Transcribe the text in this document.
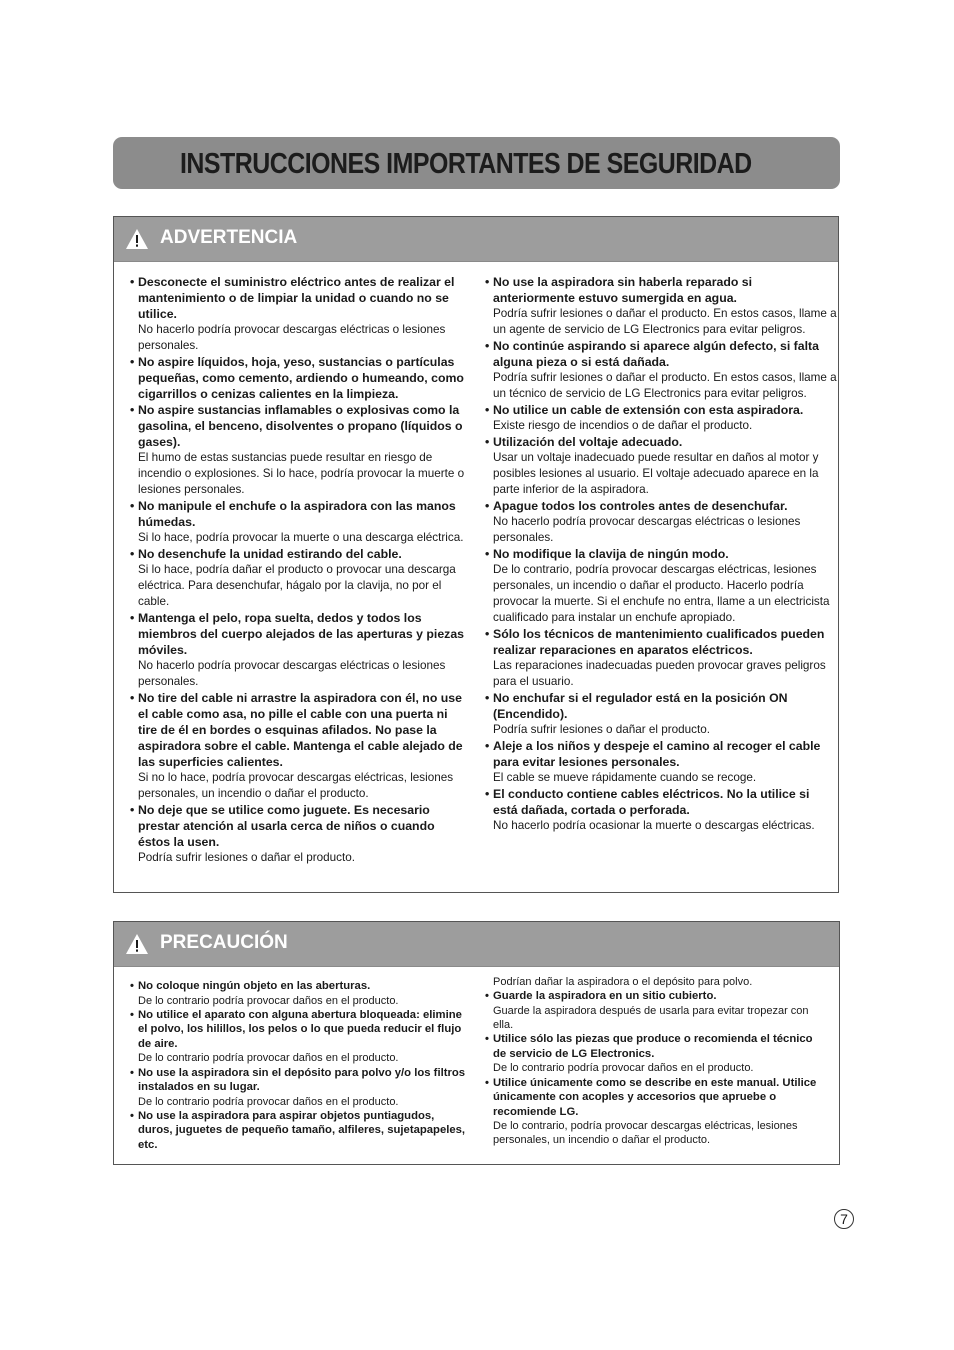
INSTRUCCIONES IMPORTANTES DE SEGURIDAD
ADVERTENCIA
• Desconecte el suministro eléctrico antes de realizar el mantenimiento o de limpiar la unidad o cuando no se utilice.
No hacerlo podría provocar descargas eléctricas o lesiones personales.
• No aspire líquidos, hoja, yeso, sustancias o partículas pequeñas, como cemento, ardiendo o humeando, como cigarrillos o cenizas calientes en la limpieza.
• No aspire sustancias inflamables o explosivas como la gasolina, el benceno, disolventes o propano (líquidos o gases).
El humo de estas sustancias puede resultar en riesgo de incendio o explosiones. Si lo hace, podría provocar la muerte o lesiones personales.
• No manipule el enchufe o la aspiradora con las manos húmedas.
Si lo hace, podría provocar la muerte o una descarga eléctrica.
• No desenchufe la unidad estirando del cable.
Si lo hace, podría dañar el producto o provocar una descarga eléctrica. Para desenchufar, hágalo por la clavija, no por el cable.
• Mantenga el pelo, ropa suelta, dedos y todos los miembros del cuerpo alejados de las aperturas y piezas móviles.
No hacerlo podría provocar descargas eléctricas o lesiones personales.
• No tire del cable ni arrastre la aspiradora con él, no use el cable como asa, no pille el cable con una puerta ni tire de él en bordes o esquinas afilados. No pase la aspiradora sobre el cable. Mantenga el cable alejado de las superficies calientes.
Si no lo hace, podría provocar descargas eléctricas, lesiones personales, un incendio o dañar el producto.
• No deje que se utilice como juguete. Es necesario prestar atención al usarla cerca de niños o cuando éstos la usen.
Podría sufrir lesiones o dañar el producto.
• No use la aspiradora sin haberla reparado si anteriormente estuvo sumergida en agua.
Podría sufrir lesiones o dañar el producto. En estos casos, llame a un agente de servicio de LG Electronics para evitar peligros.
• No continúe aspirando si aparece algún defecto, si falta alguna pieza o si está dañada.
Podría sufrir lesiones o dañar el producto. En estos casos, llame a un técnico de servicio de LG Electronics para evitar peligros.
• No utilice un cable de extensión con esta aspiradora.
Existe riesgo de incendios o de dañar el producto.
• Utilización del voltaje adecuado.
Usar un voltaje inadecuado puede resultar en daños al motor y posibles lesiones al usuario. El voltaje adecuado aparece en la parte inferior de la aspiradora.
• Apague todos los controles antes de desenchufar.
No hacerlo podría provocar descargas eléctricas o lesiones personales.
• No modifique la clavija de ningún modo.
De lo contrario, podría provocar descargas eléctricas, lesiones personales, un incendio o dañar el producto. Hacerlo podría provocar la muerte. Si el enchufe no entra, llame a un electricista cualificado para instalar un enchufe apropiado.
• Sólo los técnicos de mantenimiento cualificados pueden realizar reparaciones en aparatos eléctricos.
Las reparaciones inadecuadas pueden provocar graves peligros para el usuario.
• No enchufar si el regulador está en la posición ON (Encendido).
Podría sufrir lesiones o dañar el producto.
• Aleje a los niños y despeje el camino al recoger el cable para evitar lesiones personales.
El cable se mueve rápidamente cuando se recoge.
• El conducto contiene cables eléctricos. No la utilice si está dañada, cortada o perforada.
No hacerlo podría ocasionar la muerte o descargas eléctricas.
PRECAUCIÓN
• No coloque ningún objeto en las aberturas.
De lo contrario podría provocar daños en el producto.
• No utilice el aparato con alguna abertura bloqueada: elimine el polvo, los hilillos, los pelos o lo que pueda reducir el flujo de aire.
De lo contrario podría provocar daños en el producto.
• No use la aspiradora sin el depósito para polvo y/o los filtros instalados en su lugar.
De lo contrario podría provocar daños en el producto.
• No use la aspiradora para aspirar objetos puntiagudos, duros, juguetes de pequeño tamaño, alfileres, sujetapapeles, etc.
Podrían dañar la aspiradora o el depósito para polvo.
• Guarde la aspiradora en un sitio cubierto.
Guarde la aspiradora después de usarla para evitar tropezar con ella.
• Utilice sólo las piezas que produce o recomienda el técnico de servicio de LG Electronics.
De lo contrario podría provocar daños en el producto.
• Utilice únicamente como se describe en este manual. Utilice únicamente con acoples y accesorios que apruebe o recomiende LG.
De lo contrario, podría provocar descargas eléctricas, lesiones personales, un incendio o dañar el producto.
7
